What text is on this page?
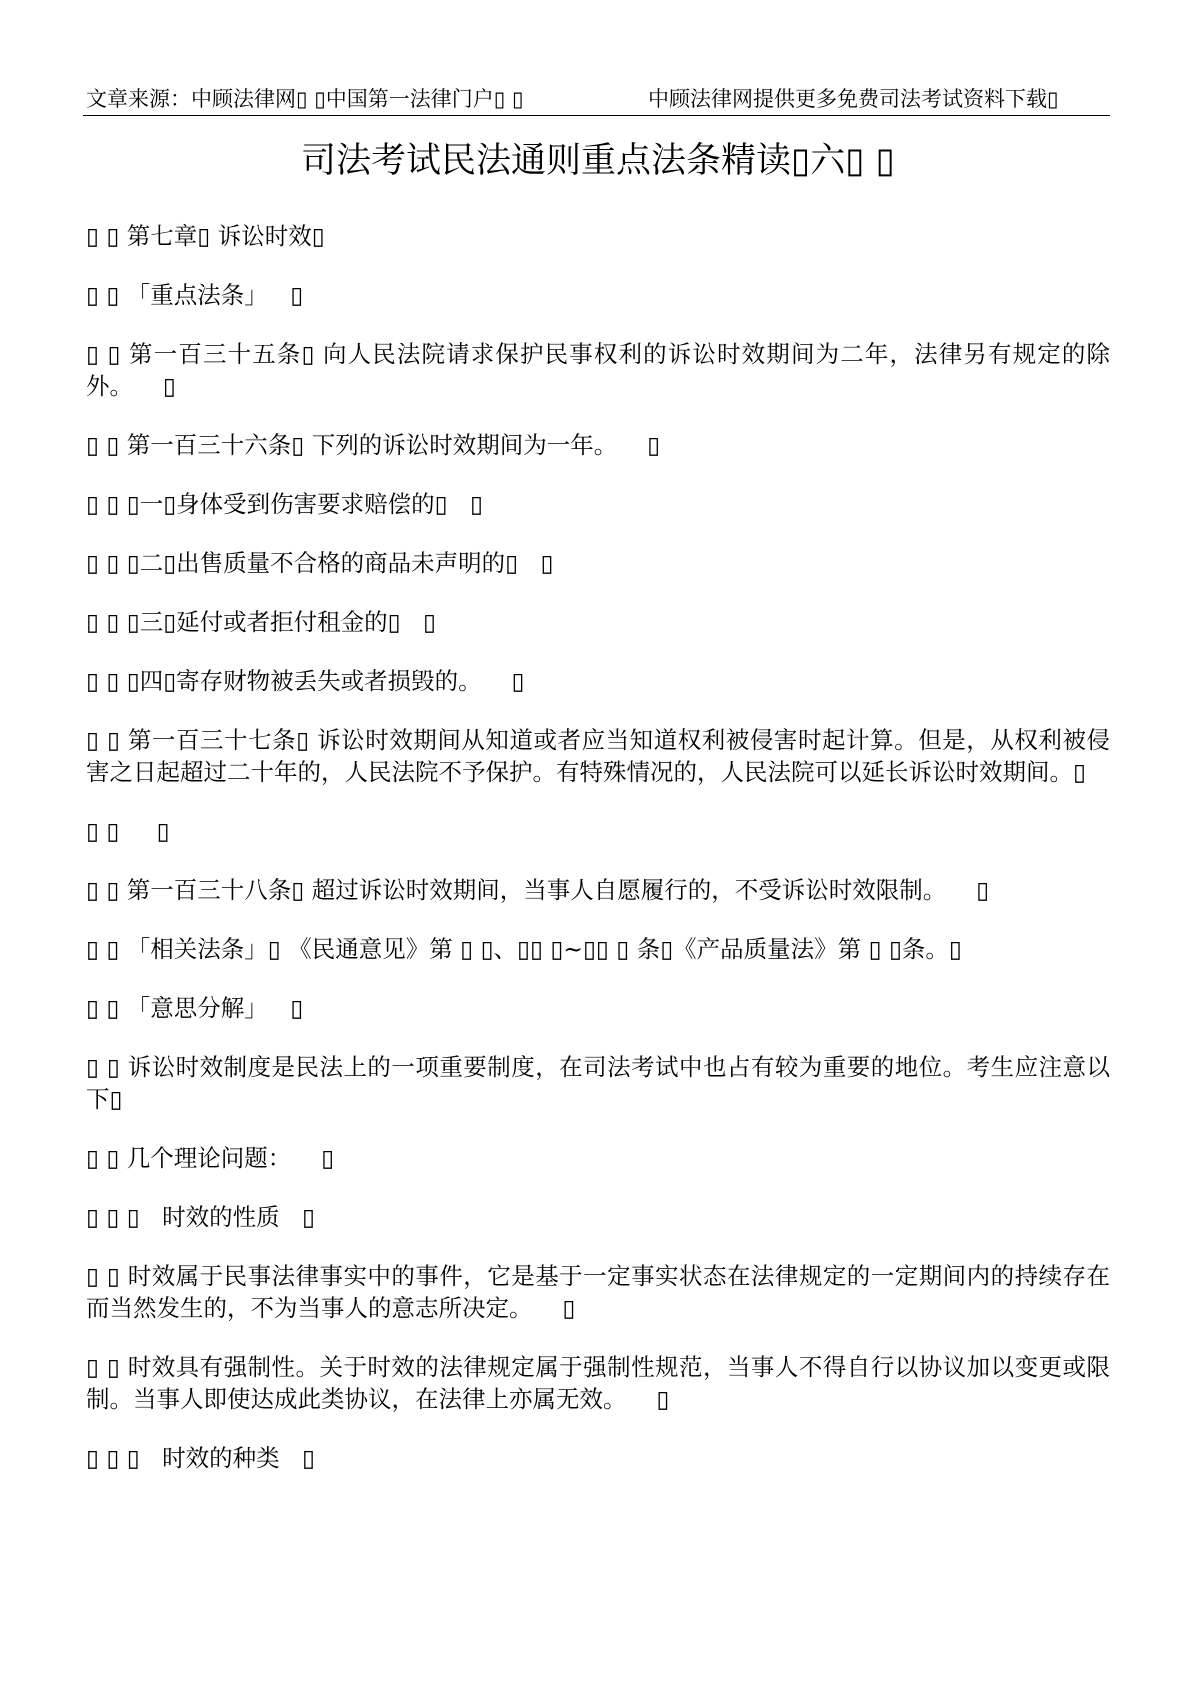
文章来源：中顾法律网▯ ▯中国第一法律门户▯ ▯	中顾法律网提供更多免费司法考试资料下载▯
司法考试民法通则重点法条精读▯六▯ ▯
▯ ▯ 第七章▯ 诉讼时效▯
▯ ▯ 「重点法条」   ▯
▯ ▯ 第一百三十五条▯ 向人民法院请求保护民事权利的诉讼时效期间为二年，法律另有规定的除
外。    ▯
▯ ▯ 第一百三十六条▯ 下列的诉讼时效期间为一年。    ▯
▯ ▯ ▯一▯身体受到伤害要求赔偿的▯   ▯
▯ ▯ ▯二▯出售质量不合格的商品未声明的▯   ▯
▯ ▯ ▯三▯延付或者拒付租金的▯   ▯
▯ ▯ ▯四▯寄存财物被丢失或者损毁的。    ▯
▯ ▯ 第一百三十七条▯ 诉讼时效期间从知道或者应当知道权利被侵害时起计算。但是，从权利被侵
害之日起超过二十年的，人民法院不予保护。有特殊情况的，人民法院可以延长诉讼时效期间。▯
▯ ▯     ▯
▯ ▯ 第一百三十八条▯ 超过诉讼时效期间，当事人自愿履行的，不受诉讼时效限制。    ▯
▯ ▯ 「相关法条」▯ 《民通意见》第 ▯ ▯、▯▯ ▯~▯▯ ▯ 条▯《产品质量法》第 ▯ ▯条。▯
▯ ▯ 「意思分解」   ▯
▯ ▯ 诉讼时效制度是民法上的一项重要制度，在司法考试中也占有较为重要的地位。考生应注意以
下▯
▯ ▯ 几个理论问题：    ▯
▯ ▯ ▯   时效的性质   ▯
▯ ▯ 时效属于民事法律事实中的事件，它是基于一定事实状态在法律规定的一定期间内的持续存在
而当然发生的，不为当事人的意志所决定。    ▯
▯ ▯ 时效具有强制性。关于时效的法律规定属于强制性规范，当事人不得自行以协议加以变更或限
制。当事人即使达成此类协议，在法律上亦属无效。    ▯
▯ ▯ ▯   时效的种类   ▯
